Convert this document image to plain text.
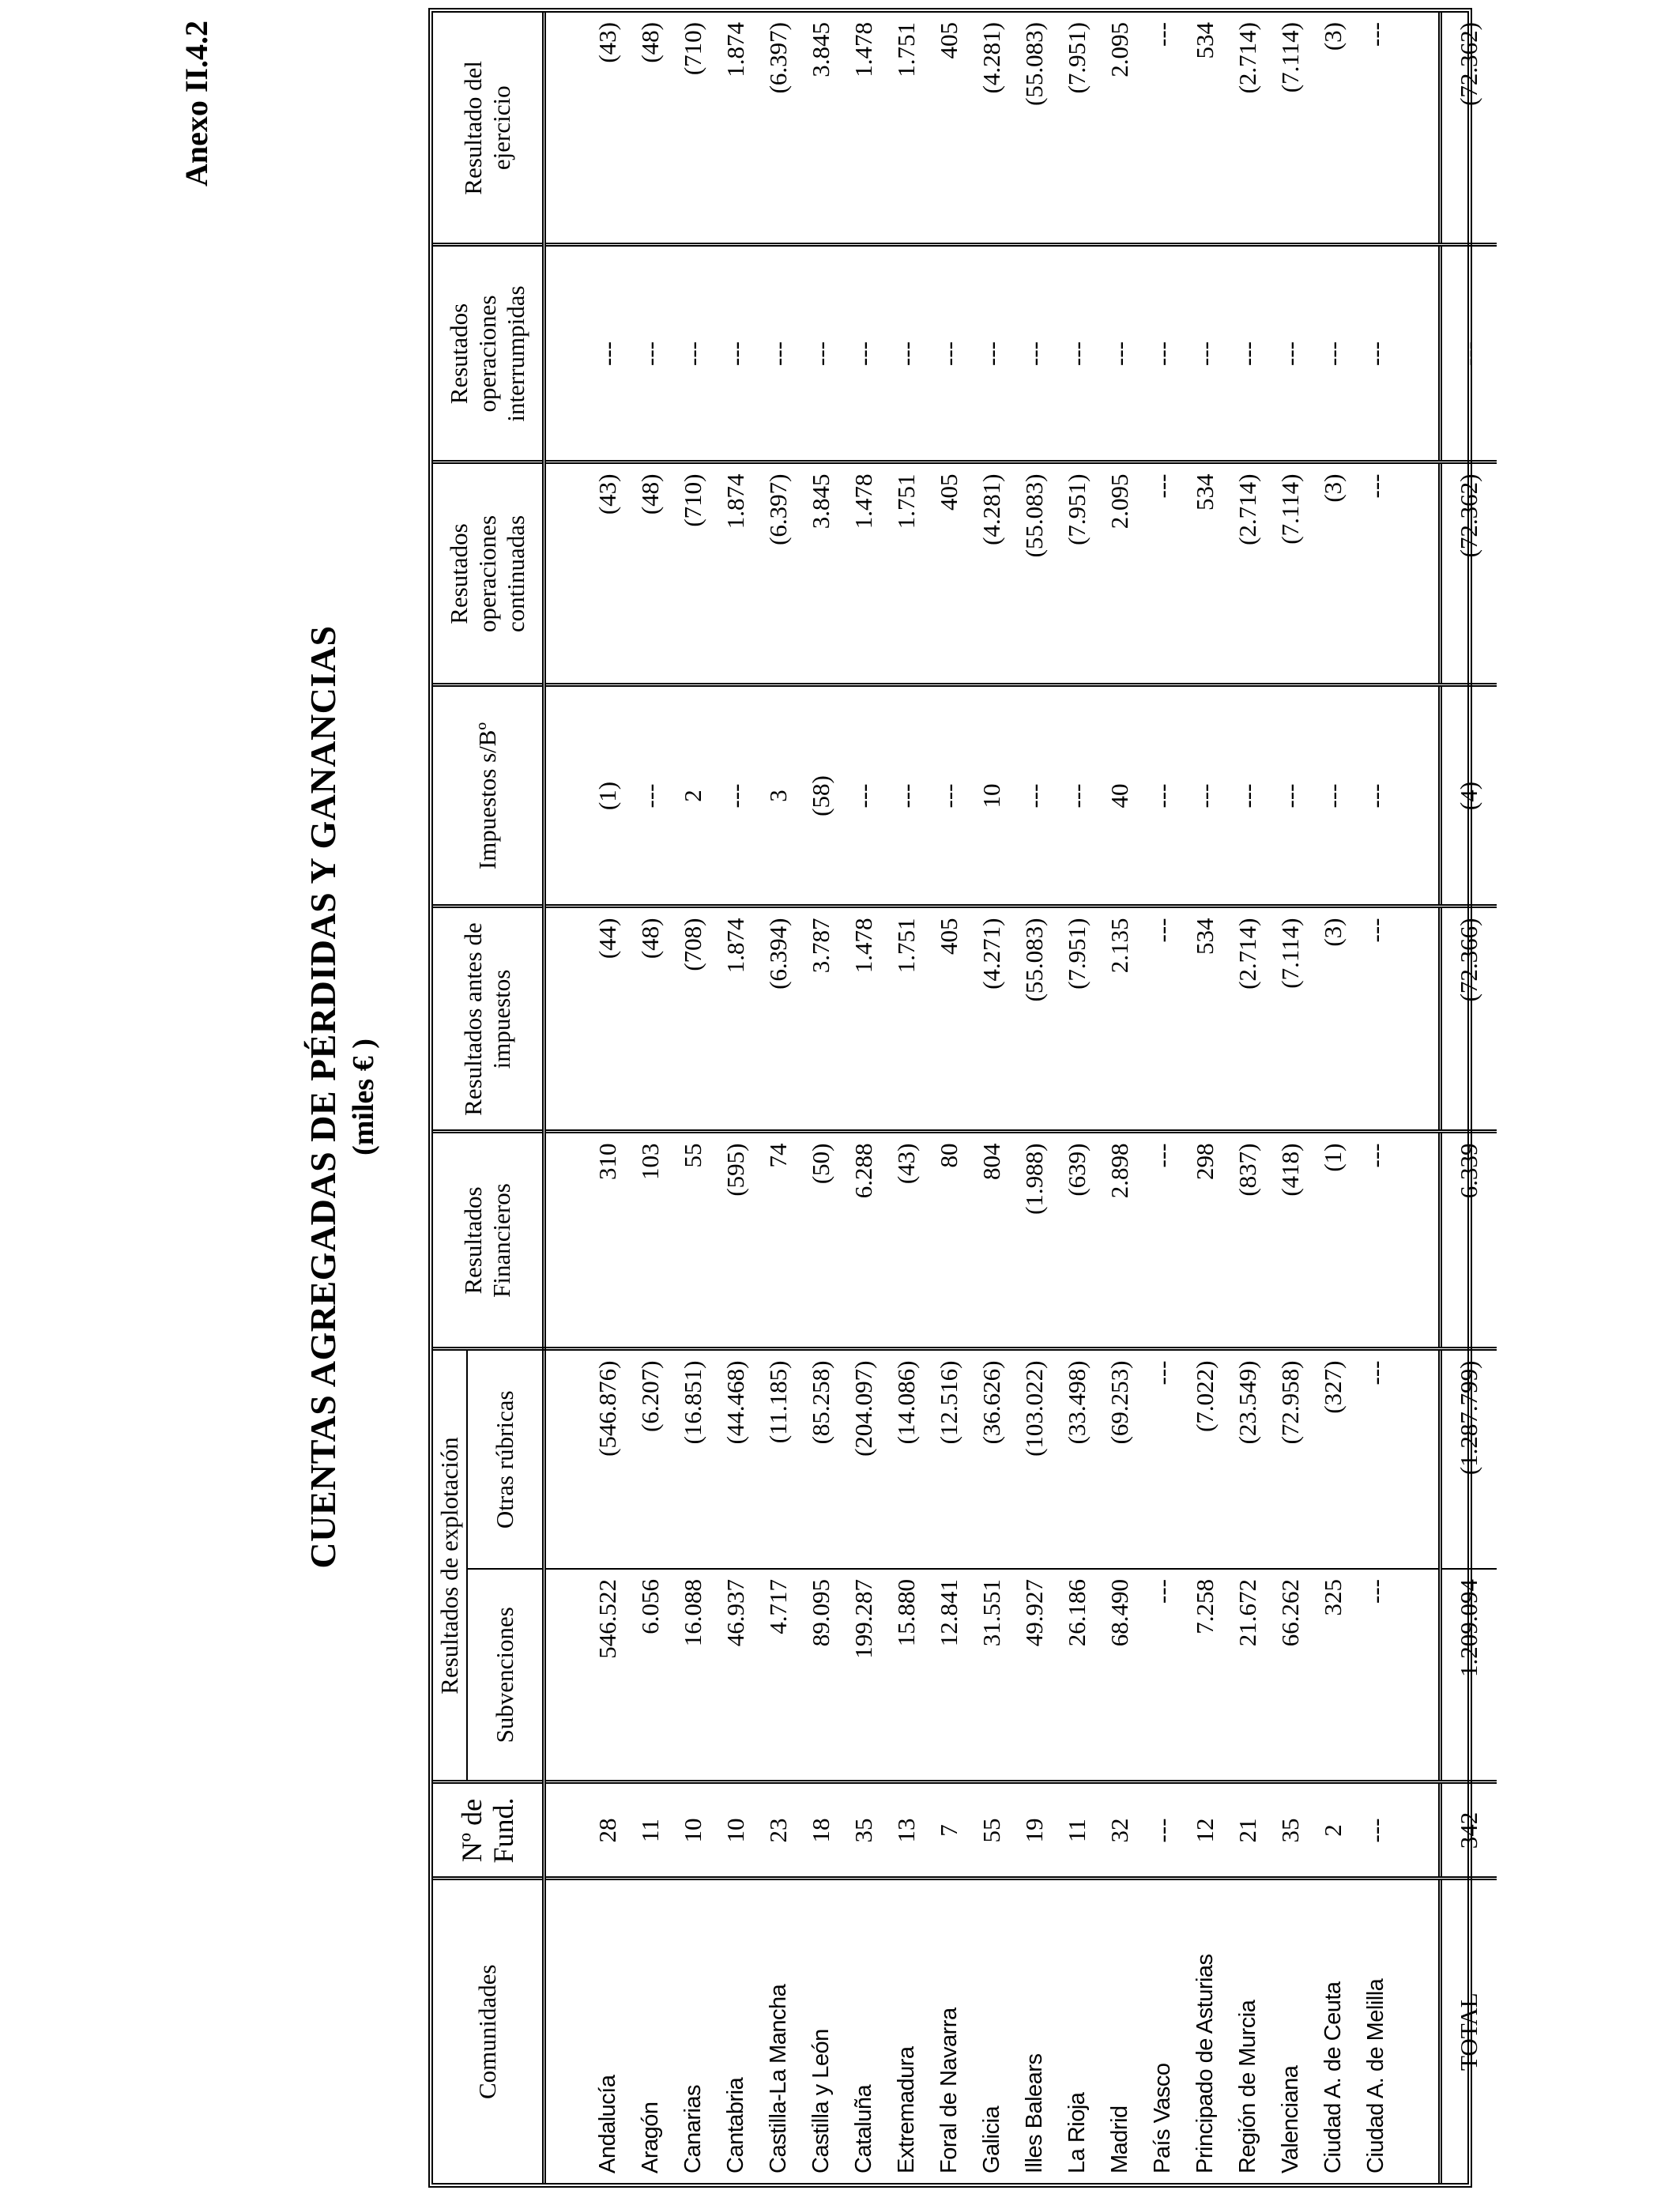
Anexo II.4.2
CUENTAS AGREGADAS DE PÉRDIDAS Y GANANCIAS (miles € )
Comunidades	Nº de Fund.	Resultados de explotación		Resultados Financieros	Resultados antes de impuestos	Impuestos s/Bº	Resutados operaciones continuadas	Resutados operaciones interrumpidas	Resultado del ejercicio
		Subvenciones	Otras rúbricas						

Andalucía	28	546.522	(546.876)	310	(44)	(1)	(43)	---	(43)
Aragón	11	6.056	(6.207)	103	(48)	---	(48)	---	(48)
Canarias	10	16.088	(16.851)	55	(708)	2	(710)	---	(710)
Cantabria	10	46.937	(44.468)	(595)	1.874	---	1.874	---	1.874
Castilla-La Mancha	23	4.717	(11.185)	74	(6.394)	3	(6.397)	---	(6.397)
Castilla y León	18	89.095	(85.258)	(50)	3.787	(58)	3.845	---	3.845
Cataluña	35	199.287	(204.097)	6.288	1.478	---	1.478	---	1.478
Extremadura	13	15.880	(14.086)	(43)	1.751	---	1.751	---	1.751
Foral de Navarra	7	12.841	(12.516)	80	405	---	405	---	405
Galicia	55	31.551	(36.626)	804	(4.271)	10	(4.281)	---	(4.281)
Illes Balears	19	49.927	(103.022)	(1.988)	(55.083)	---	(55.083)	---	(55.083)
La Rioja	11	26.186	(33.498)	(639)	(7.951)	---	(7.951)	---	(7.951)
Madrid	32	68.490	(69.253)	2.898	2.135	40	2.095	---	2.095
País Vasco	---	---	---	---	---	---	---	---	---
Principado de Asturias	12	7.258	(7.022)	298	534	---	534	---	534
Región de Murcia	21	21.672	(23.549)	(837)	(2.714)	---	(2.714)	---	(2.714)
Valenciana	35	66.262	(72.958)	(418)	(7.114)	---	(7.114)	---	(7.114)
Ciudad A. de Ceuta	2	325	(327)	(1)	(3)	---	(3)	---	(3)
Ciudad A. de Melilla	---	---	---	---	---	---	---	---	---

TOTAL	342	1.209.094	(1.287.799)	6.339	(72.366)	(4)	(72.362)	---	(72.362)
